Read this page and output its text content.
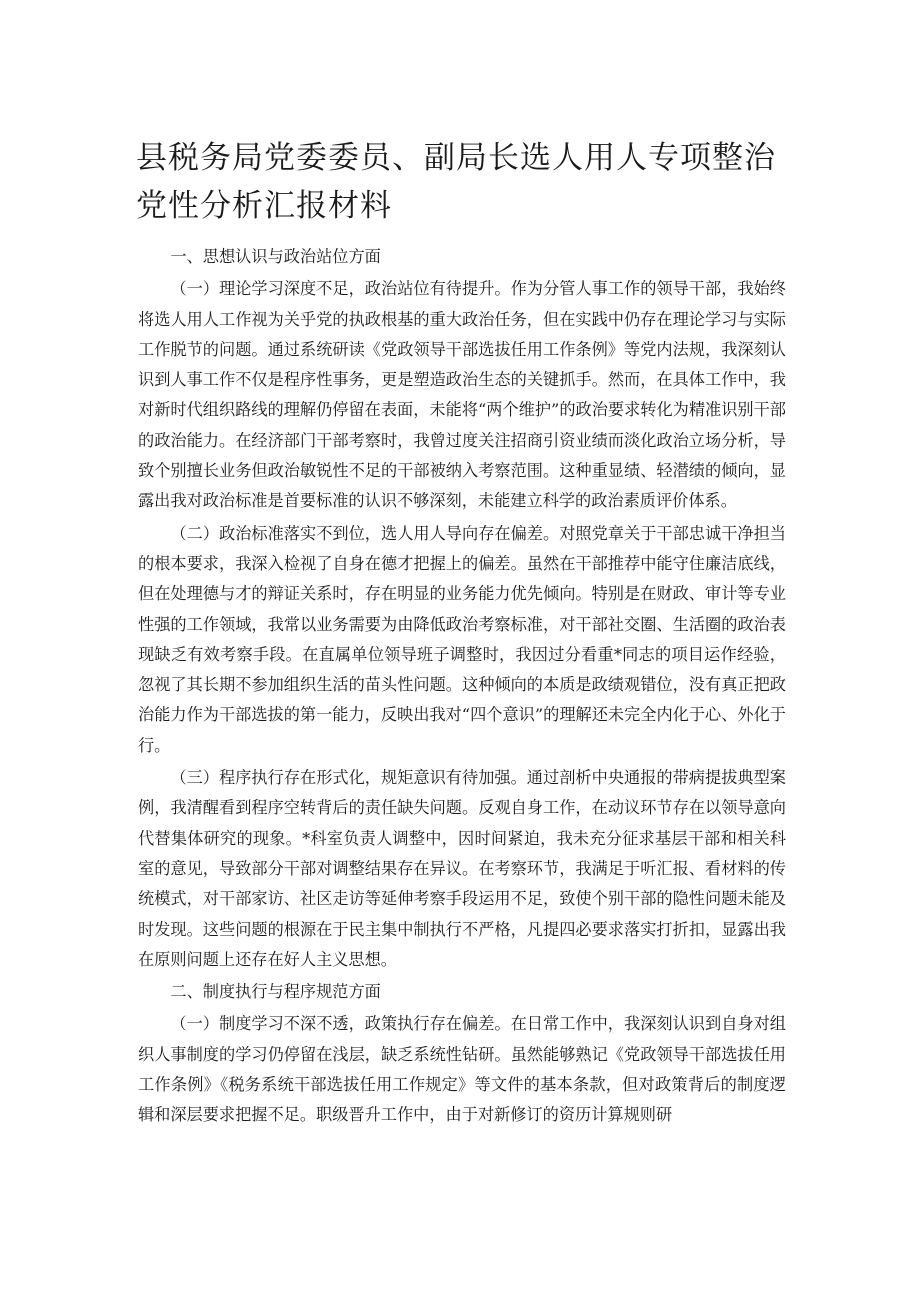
县税务局党委委员、副局长选人用人专项整治党性分析汇报材料

一、思想认识与政治站位方面

（一）理论学习深度不足，政治站位有待提升。作为分管人事工作的领导干部，我始终将选人用人工作视为关乎党的执政根基的重大政治任务，但在实践中仍存在理论学习与实际工作脱节的问题。通过系统研读《党政领导干部选拔任用工作条例》等党内法规，我深刻认识到人事工作不仅是程序性事务，更是塑造政治生态的关键抓手。然而，在具体工作中，我对新时代组织路线的理解仍停留在表面，未能将“两个维护”的政治要求转化为精准识别干部的政治能力。在经济部门干部考察时，我曾过度关注招商引资业绩而淡化政治立场分析，导致个别擅长业务但政治敏锐性不足的干部被纳入考察范围。这种重显绩、轻潜绩的倾向，显露出我对政治标准是首要标准的认识不够深刻，未能建立科学的政治素质评价体系。

（二）政治标准落实不到位，选人用人导向存在偏差。对照党章关于干部忠诚干净担当的根本要求，我深入检视了自身在德才把握上的偏差。虽然在干部推荐中能守住廉洁底线，但在处理德与才的辩证关系时，存在明显的业务能力优先倾向。特别是在财政、审计等专业性强的工作领域，我常以业务需要为由降低政治考察标准，对干部社交圈、生活圈的政治表现缺乏有效考察手段。在直属单位领导班子调整时，我因过分看重*同志的项目运作经验，忽视了其长期不参加组织生活的苗头性问题。这种倾向的本质是政绩观错位，没有真正把政治能力作为干部选拔的第一能力，反映出我对“四个意识”的理解还未完全内化于心、外化于行。

（三）程序执行存在形式化，规矩意识有待加强。通过剖析中央通报的带病提拔典型案例，我清醒看到程序空转背后的责任缺失问题。反观自身工作，在动议环节存在以领导意向代替集体研究的现象。*科室负责人调整中，因时间紧迫，我未充分征求基层干部和相关科室的意见，导致部分干部对调整结果存在异议。在考察环节，我满足于听汇报、看材料的传统模式，对干部家访、社区走访等延伸考察手段运用不足，致使个别干部的隐性问题未能及时发现。这些问题的根源在于民主集中制执行不严格，凡提四必要求落实打折扣，显露出我在原则问题上还存在好人主义思想。

二、制度执行与程序规范方面

（一）制度学习不深不透，政策执行存在偏差。在日常工作中，我深刻认识到自身对组织人事制度的学习仍停留在浅层，缺乏系统性钻研。虽然能够熟记《党政领导干部选拔任用工作条例》《税务系统干部选拔任用工作规定》等文件的基本条款，但对政策背后的制度逻辑和深层要求把握不足。职级晋升工作中，由于对新修订的资历计算规则研
